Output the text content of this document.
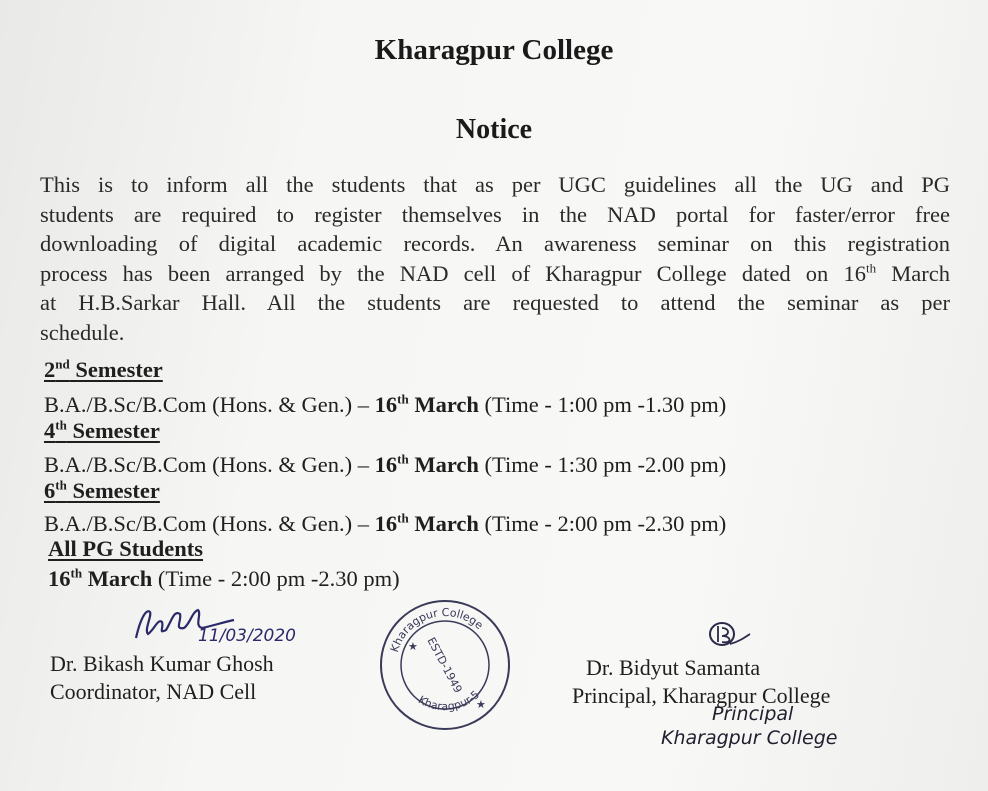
Kharagpur College
Notice
This is to inform all the students that as per UGC guidelines all the UG and PG
students are required to register themselves in the NAD portal for faster/error free
downloading of digital academic records. An awareness seminar on this registration
process has been arranged by the NAD cell of Kharagpur College dated on 16th March
at H.B.Sarkar Hall. All the students are requested to attend the seminar as per
schedule.
2nd Semester
B.A./B.Sc/B.Com (Hons. & Gen.) – 16th March (Time - 1:00 pm -1.30 pm)
4th Semester
B.A./B.Sc/B.Com (Hons. & Gen.) – 16th March (Time - 1:30 pm -2.00 pm)
6th Semester
B.A./B.Sc/B.Com (Hons. & Gen.) – 16th March (Time - 2:00 pm -2.30 pm)
All PG Students
16th March (Time - 2:00 pm -2.30 pm)
11/03/2020
Dr. Bikash Kumar Ghosh
Coordinator, NAD Cell
Kharagpur College
Kharagpur-5
ESTD-1949
★
★
Dr. Bidyut Samanta
Principal, Kharagpur College
Principal
Kharagpur College
